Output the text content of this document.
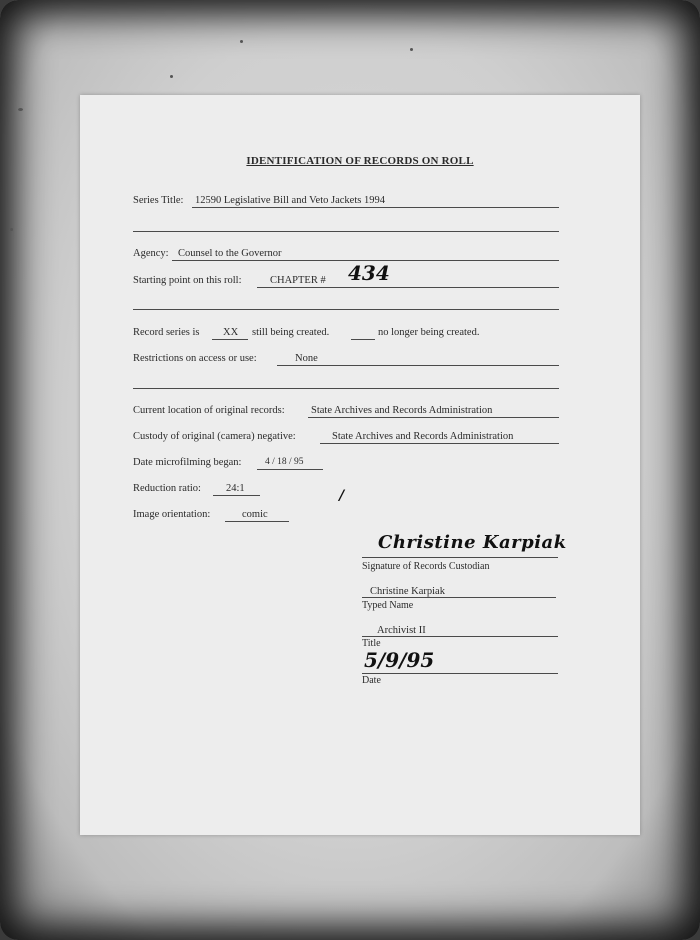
IDENTIFICATION OF RECORDS ON ROLL
Series Title: 12590 Legislative Bill and Veto Jackets 1994
Agency: Counsel to the Governor
Starting point on this roll:	CHAPTER # 434
Record series is XX still being created.	no longer being created.
Restrictions on access or use:	None
Current location of original records:	State Archives and Records Administration
Custody of original (camera) negative:	State Archives and Records Administration
Date microfilming began: 4 / 18 / 95
Reduction ratio: 24:1	/
Image orientation:	comic
Christine Karpiak
Signature of Records Custodian
Christine Karpiak
Typed Name
Archivist II
Title
5/9/95
Date
